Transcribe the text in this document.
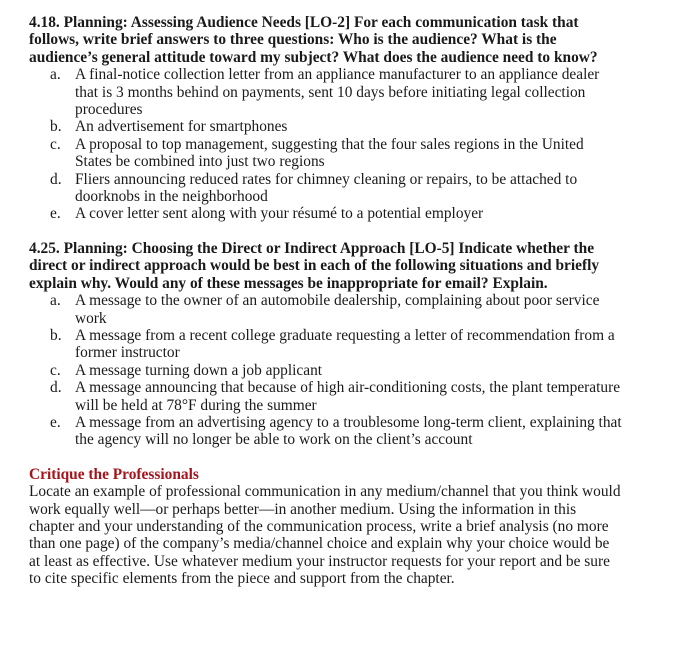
4.18. Planning: Assessing Audience Needs [LO-2] For each communication task that follows, write brief answers to three questions: Who is the audience? What is the audience’s general attitude toward my subject? What does the audience need to know?
a. A final-notice collection letter from an appliance manufacturer to an appliance dealer that is 3 months behind on payments, sent 10 days before initiating legal collection procedures
b. An advertisement for smartphones
c. A proposal to top management, suggesting that the four sales regions in the United States be combined into just two regions
d. Fliers announcing reduced rates for chimney cleaning or repairs, to be attached to doorknobs in the neighborhood
e. A cover letter sent along with your résumé to a potential employer
4.25. Planning: Choosing the Direct or Indirect Approach [LO-5] Indicate whether the direct or indirect approach would be best in each of the following situations and briefly explain why. Would any of these messages be inappropriate for email? Explain.
a. A message to the owner of an automobile dealership, complaining about poor service work
b. A message from a recent college graduate requesting a letter of recommendation from a former instructor
c. A message turning down a job applicant
d. A message announcing that because of high air-conditioning costs, the plant temperature will be held at 78°F during the summer
e. A message from an advertising agency to a troublesome long-term client, explaining that the agency will no longer be able to work on the client’s account
Critique the Professionals
Locate an example of professional communication in any medium/channel that you think would work equally well—or perhaps better—in another medium. Using the information in this chapter and your understanding of the communication process, write a brief analysis (no more than one page) of the company’s media/channel choice and explain why your choice would be at least as effective. Use whatever medium your instructor requests for your report and be sure to cite specific elements from the piece and support from the chapter.
